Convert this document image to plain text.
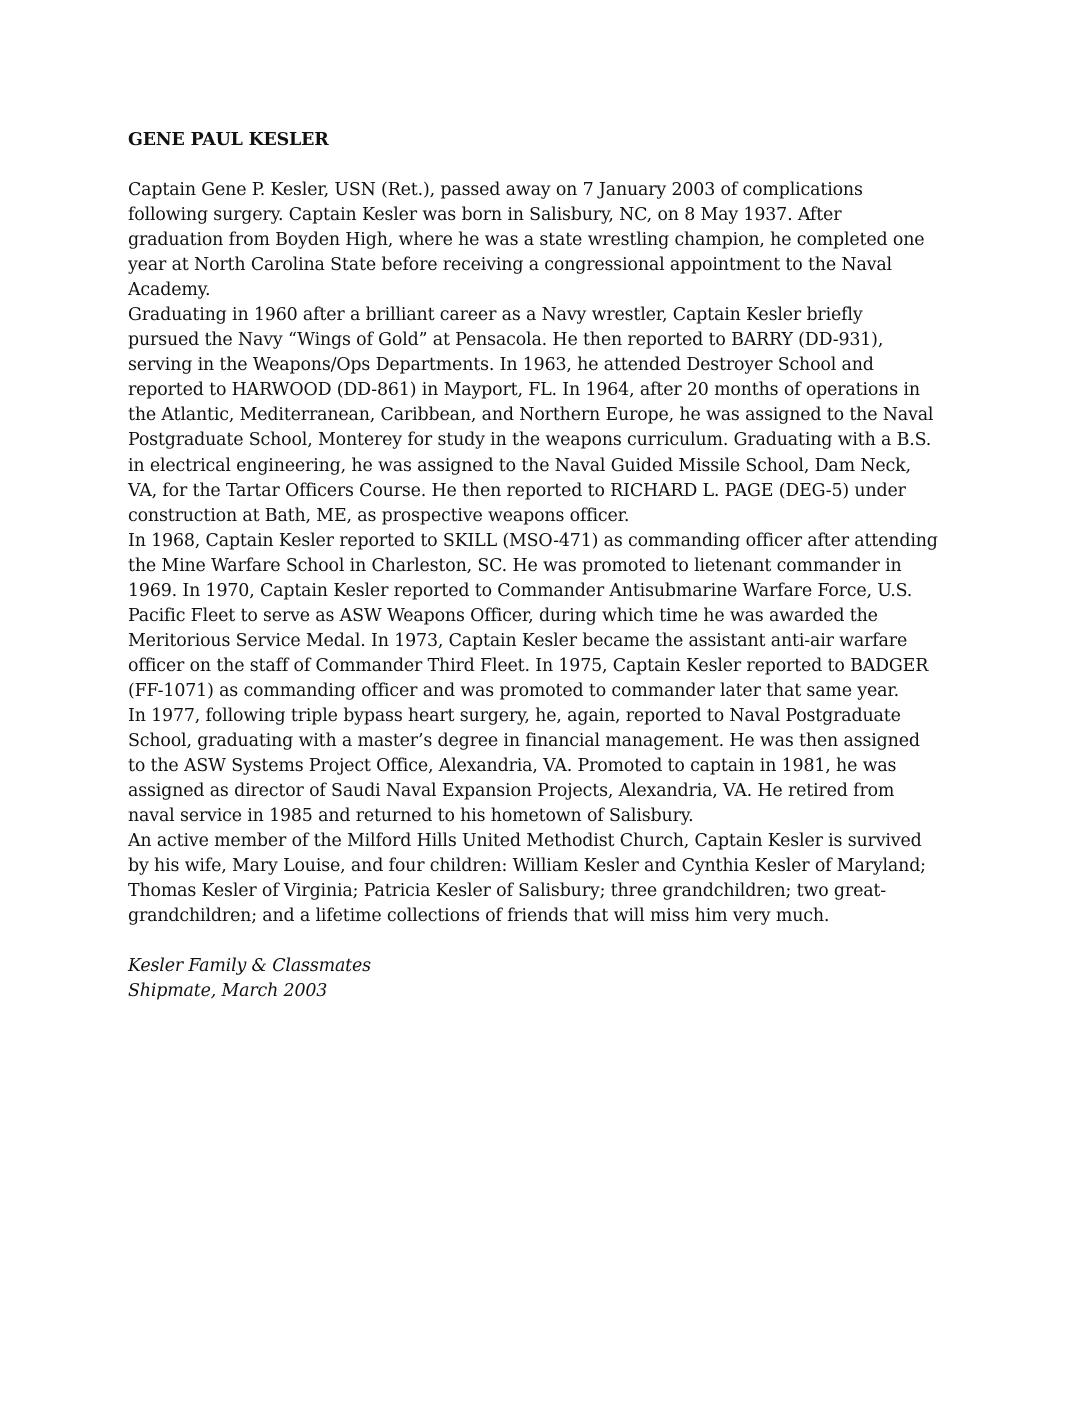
GENE PAUL KESLER
Captain Gene P. Kesler, USN (Ret.), passed away on 7 January 2003 of complications
following surgery. Captain Kesler was born in Salisbury, NC, on 8 May 1937. After
graduation from Boyden High, where he was a state wrestling champion, he completed one
year at North Carolina State before receiving a congressional appointment to the Naval
Academy.
Graduating in 1960 after a brilliant career as a Navy wrestler, Captain Kesler briefly
pursued the Navy “Wings of Gold” at Pensacola. He then reported to BARRY (DD-931),
serving in the Weapons/Ops Departments. In 1963, he attended Destroyer School and
reported to HARWOOD (DD-861) in Mayport, FL. In 1964, after 20 months of operations in
the Atlantic, Mediterranean, Caribbean, and Northern Europe, he was assigned to the Naval
Postgraduate School, Monterey for study in the weapons curriculum. Graduating with a B.S.
in electrical engineering, he was assigned to the Naval Guided Missile School, Dam Neck,
VA, for the Tartar Officers Course. He then reported to RICHARD L. PAGE (DEG-5) under
construction at Bath, ME, as prospective weapons officer.
In 1968, Captain Kesler reported to SKILL (MSO-471) as commanding officer after attending
the Mine Warfare School in Charleston, SC. He was promoted to lietenant commander in
1969. In 1970, Captain Kesler reported to Commander Antisubmarine Warfare Force, U.S.
Pacific Fleet to serve as ASW Weapons Officer, during which time he was awarded the
Meritorious Service Medal. In 1973, Captain Kesler became the assistant anti-air warfare
officer on the staff of Commander Third Fleet. In 1975, Captain Kesler reported to BADGER
(FF-1071) as commanding officer and was promoted to commander later that same year.
In 1977, following triple bypass heart surgery, he, again, reported to Naval Postgraduate
School, graduating with a master’s degree in financial management. He was then assigned
to the ASW Systems Project Office, Alexandria, VA. Promoted to captain in 1981, he was
assigned as director of Saudi Naval Expansion Projects, Alexandria, VA. He retired from
naval service in 1985 and returned to his hometown of Salisbury.
An active member of the Milford Hills United Methodist Church, Captain Kesler is survived
by his wife, Mary Louise, and four children: William Kesler and Cynthia Kesler of Maryland;
Thomas Kesler of Virginia; Patricia Kesler of Salisbury; three grandchildren; two great-
grandchildren; and a lifetime collections of friends that will miss him very much.
Kesler Family & Classmates
Shipmate, March 2003
